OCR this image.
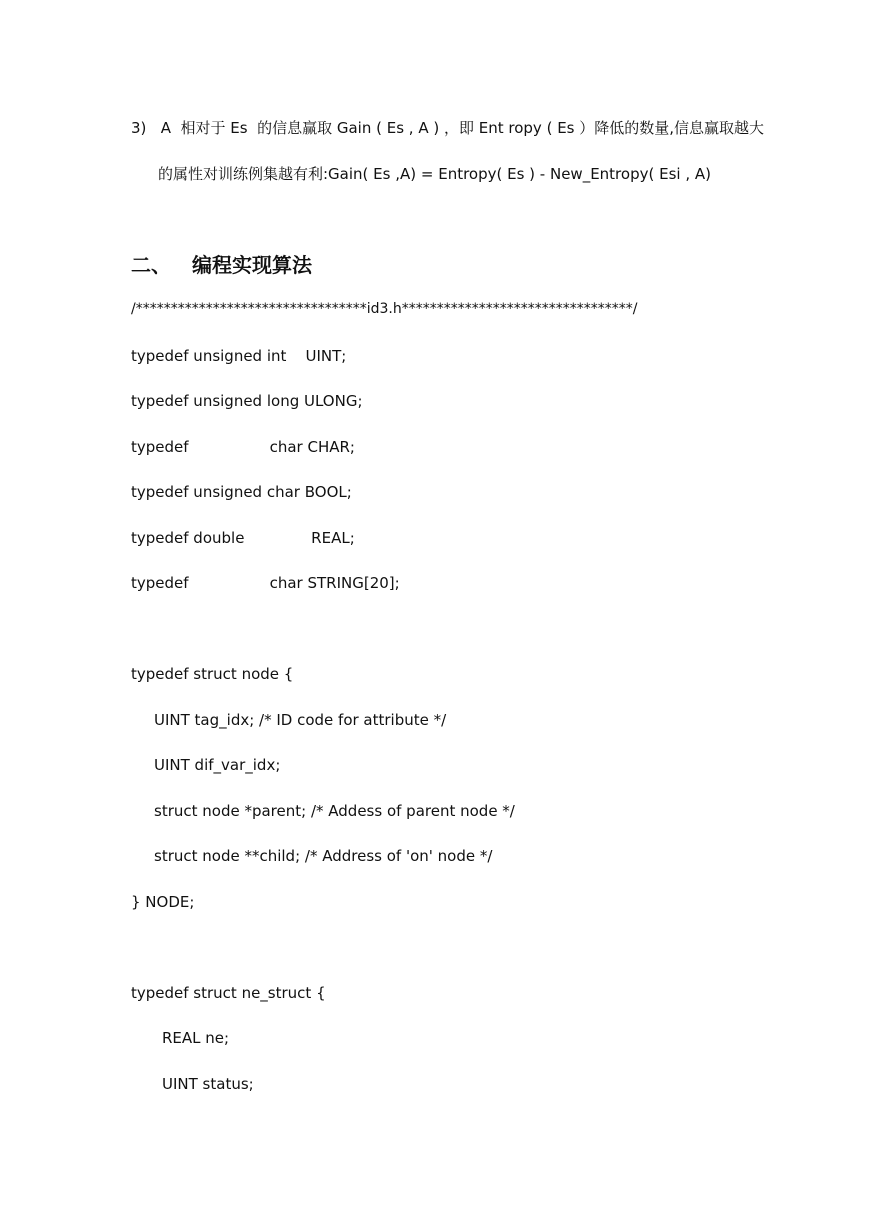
3)   A  相对于 Es  的信息赢取 Gain ( Es , A ) ，即 Ent ropy ( Es ）降低的数量,信息赢取越大
的属性对训练例集越有利:Gain( Es ,A) = Entropy( Es ) - New_Entropy( Esi , A)
二、 编程实现算法
/*********************************id3.h*********************************/
typedef unsigned int    UINT;
typedef unsigned long ULONG;
typedef                 char CHAR;
typedef unsigned char BOOL;
typedef double              REAL;
typedef                 char STRING[20];
typedef struct node {
UINT tag_idx; /* ID code for attribute */
UINT dif_var_idx;
struct node *parent; /* Addess of parent node */
struct node **child; /* Address of 'on' node */
} NODE;
typedef struct ne_struct {
REAL ne;
UINT status;
